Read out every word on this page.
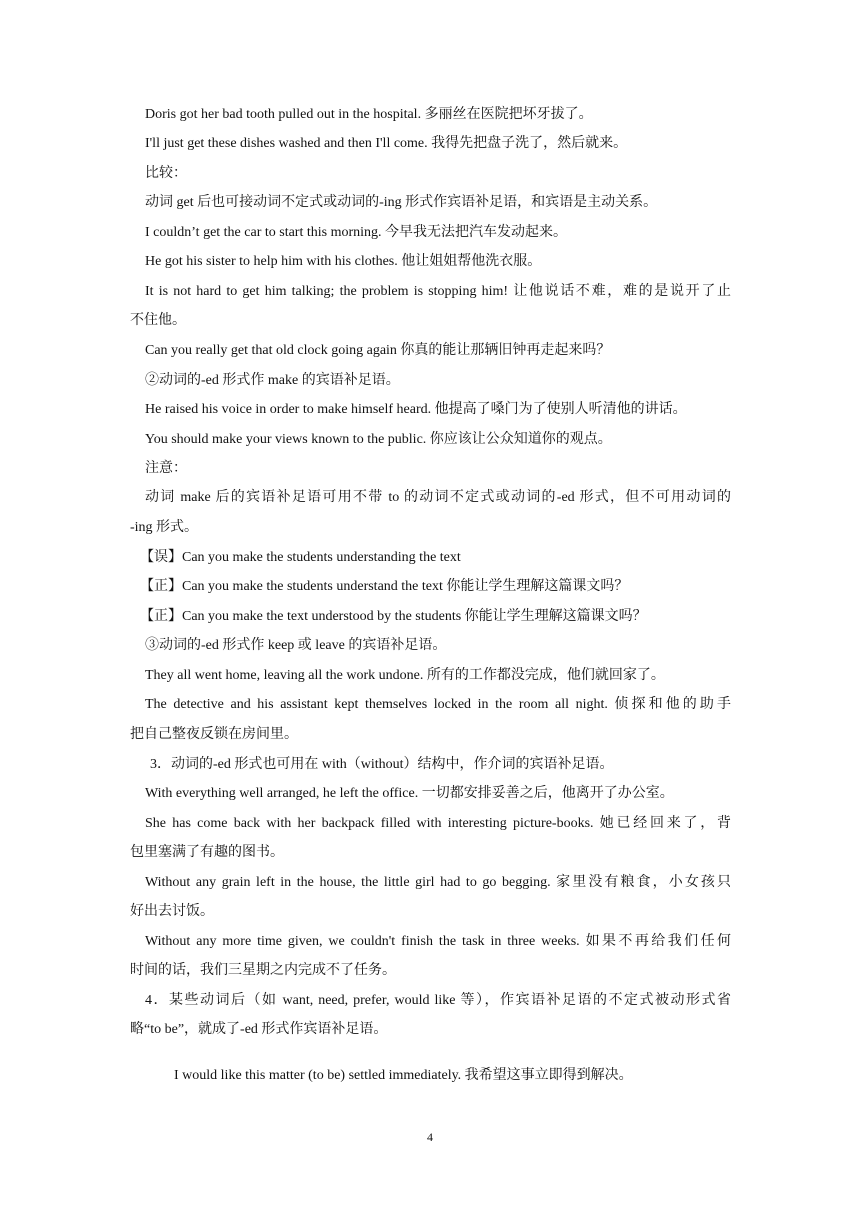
Doris got her bad tooth pulled out in the hospital. 多丽丝在医院把坏牙拔了。
I'll just get these dishes washed and then I'll come. 我得先把盘子洗了，然后就来。
比较：
动词 get 后也可接动词不定式或动词的-ing 形式作宾语补足语，和宾语是主动关系。
I couldn’t get the car to start this morning. 今早我无法把汽车发动起来。
He got his sister to help him with his clothes. 他让姐姐帮他洗衣服。
It is not hard to get him talking; the problem is stopping him! 让他说话不难，难的是说开了止
不住他。
Can you really get that old clock going again 你真的能让那辆旧钟再走起来吗？
②动词的-ed 形式作 make 的宾语补足语。
He raised his voice in order to make himself heard. 他提高了嗓门为了使别人听清他的讲话。
You should make your views known to the public. 你应该让公众知道你的观点。
注意：
动词 make 后的宾语补足语可用不带 to 的动词不定式或动词的-ed 形式，但不可用动词的
-ing 形式。
【误】Can you make the students understanding the text
【正】Can you make the students understand the text 你能让学生理解这篇课文吗？
【正】Can you make the text understood by the students 你能让学生理解这篇课文吗？
③动词的-ed 形式作 keep 或 leave 的宾语补足语。
They all went home, leaving all the work undone. 所有的工作都没完成，他们就回家了。
The detective and his assistant kept themselves locked in the room all night. 侦探和他的助手
把自己整夜反锁在房间里。
3．动词的-ed 形式也可用在 with（without）结构中，作介词的宾语补足语。
With everything well arranged, he left the office. 一切都安排妥善之后，他离开了办公室。
She has come back with her backpack filled with interesting picture-books. 她已经回来了，背
包里塞满了有趣的图书。
Without any grain left in the house, the little girl had to go begging. 家里没有粮食，小女孩只
好出去讨饭。
Without any more time given, we couldn't finish the task in three weeks. 如果不再给我们任何
时间的话，我们三星期之内完成不了任务。
4．某些动词后（如 want, need, prefer, would like 等），作宾语补足语的不定式被动形式省
略“to be”，就成了-ed 形式作宾语补足语。
I would like this matter (to be) settled immediately. 我希望这事立即得到解决。
4
